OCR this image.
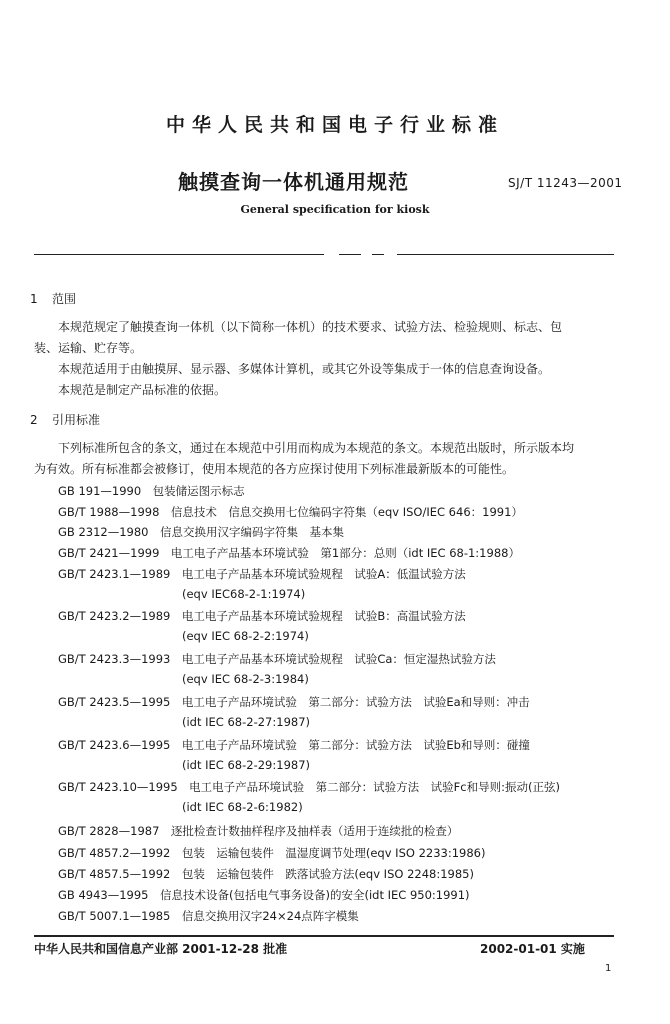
中华人民共和国电子行业标准
触摸查询一体机通用规范	SJ/T 11243—2001
General specification for kiosk
1 范围
本规范规定了触摸查询一体机（以下简称一体机）的技术要求、试验方法、检验规则、标志、包
装、运输、贮存等。
本规范适用于由触摸屏、显示器、多媒体计算机，或其它外设等集成于一体的信息查询设备。
本规范是制定产品标准的依据。
2 引用标准
下列标准所包含的条文，通过在本规范中引用而构成为本规范的条文。本规范出版时，所示版本均
为有效。所有标准都会被修订，使用本规范的各方应探讨使用下列标准最新版本的可能性。
GB 191—1990　包装储运图示标志
GB/T 1988—1998　信息技术　信息交换用七位编码字符集（eqv ISO/IEC 646：1991）
GB 2312—1980　信息交换用汉字编码字符集　基本集
GB/T 2421—1999　电工电子产品基本环境试验　第1部分：总则（idt IEC 68-1:1988）
GB/T 2423.1—1989　电工电子产品基本环境试验规程　试验A：低温试验方法
(eqv IEC68-2-1:1974)
GB/T 2423.2—1989　电工电子产品基本环境试验规程　试验B：高温试验方法
(eqv IEC 68-2-2:1974)
GB/T 2423.3—1993　电工电子产品基本环境试验规程　试验Ca：恒定湿热试验方法
(eqv IEC 68-2-3:1984)
GB/T 2423.5—1995　电工电子产品环境试验　第二部分：试验方法　试验Ea和导则：冲击
(idt IEC 68-2-27:1987)
GB/T 2423.6—1995　电工电子产品环境试验　第二部分：试验方法　试验Eb和导则：碰撞
(idt IEC 68-2-29:1987)
GB/T 2423.10—1995　电工电子产品环境试验　第二部分：试验方法　试验Fc和导则:振动(正弦)
(idt IEC 68-2-6:1982)
GB/T 2828—1987　逐批检查计数抽样程序及抽样表（适用于连续批的检查）
GB/T 4857.2—1992　包装　运输包装件　温湿度调节处理(eqv ISO 2233:1986)
GB/T 4857.5—1992　包装　运输包装件　跌落试验方法(eqv ISO 2248:1985)
GB 4943—1995　信息技术设备(包括电气事务设备)的安全(idt IEC 950:1991)
GB/T 5007.1—1985　信息交换用汉字24×24点阵字模集
中华人民共和国信息产业部 2001-12-28 批准	2002-01-01 实施
1
